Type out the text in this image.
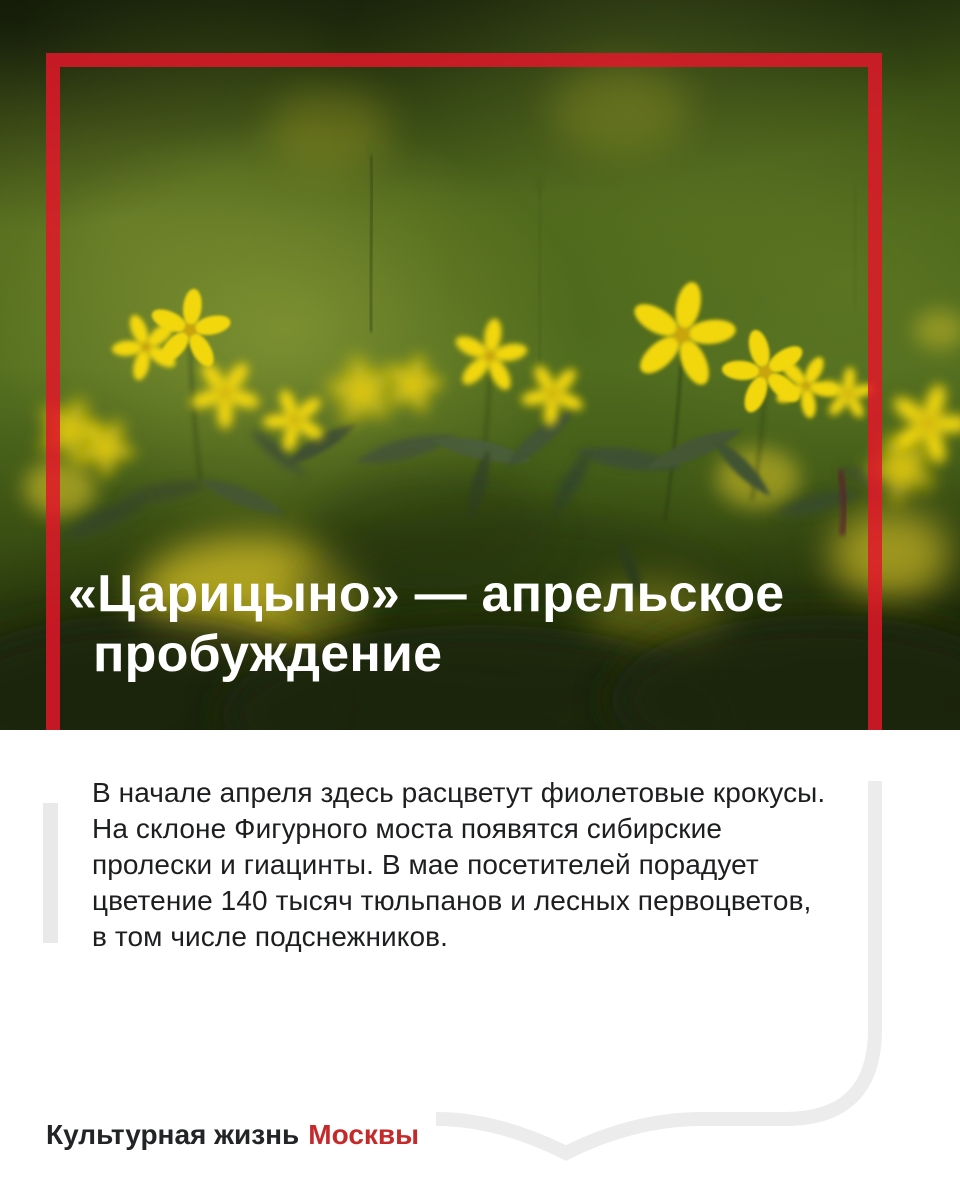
«Царицыно» — апрельское
пробуждение
В начале апреля здесь расцветут фиолетовые крокусы.
На склоне Фигурного моста появятся сибирские
пролески и гиацинты. В мае посетителей порадует
цветение 140 тысяч тюльпанов и лесных первоцветов,
в том числе подснежников.
Культурная жизнь Москвы
